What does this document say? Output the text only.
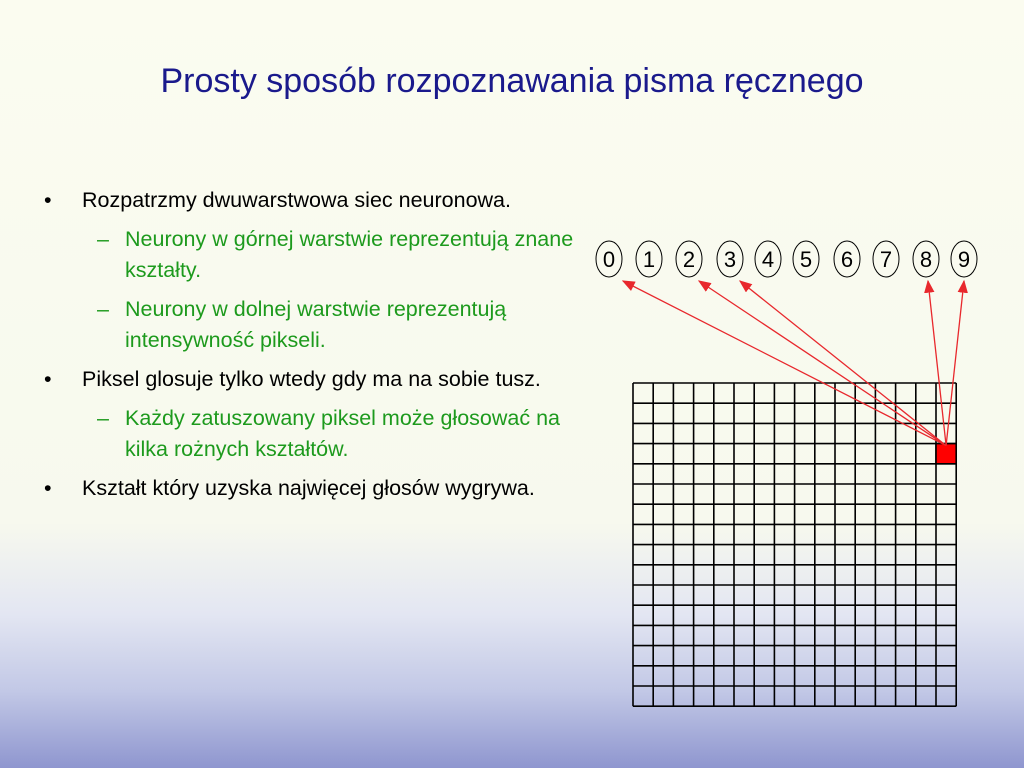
Prosty sposób rozpoznawania pisma ręcznego
• Rozpatrzmy dwuwarstwowa siec neuronowa.
– Neurony w górnej warstwie reprezentują znane kształty.
– Neurony w dolnej warstwie reprezentują intensywność pikseli.
• Piksel glosuje tylko wtedy gdy ma na sobie tusz.
– Każdy zatuszowany piksel może głosować na kilka rożnych kształtów.
• Kształt który uzyska najwięcej głosów wygrywa.
0 1 2 3 4 5 6 7 8 9
